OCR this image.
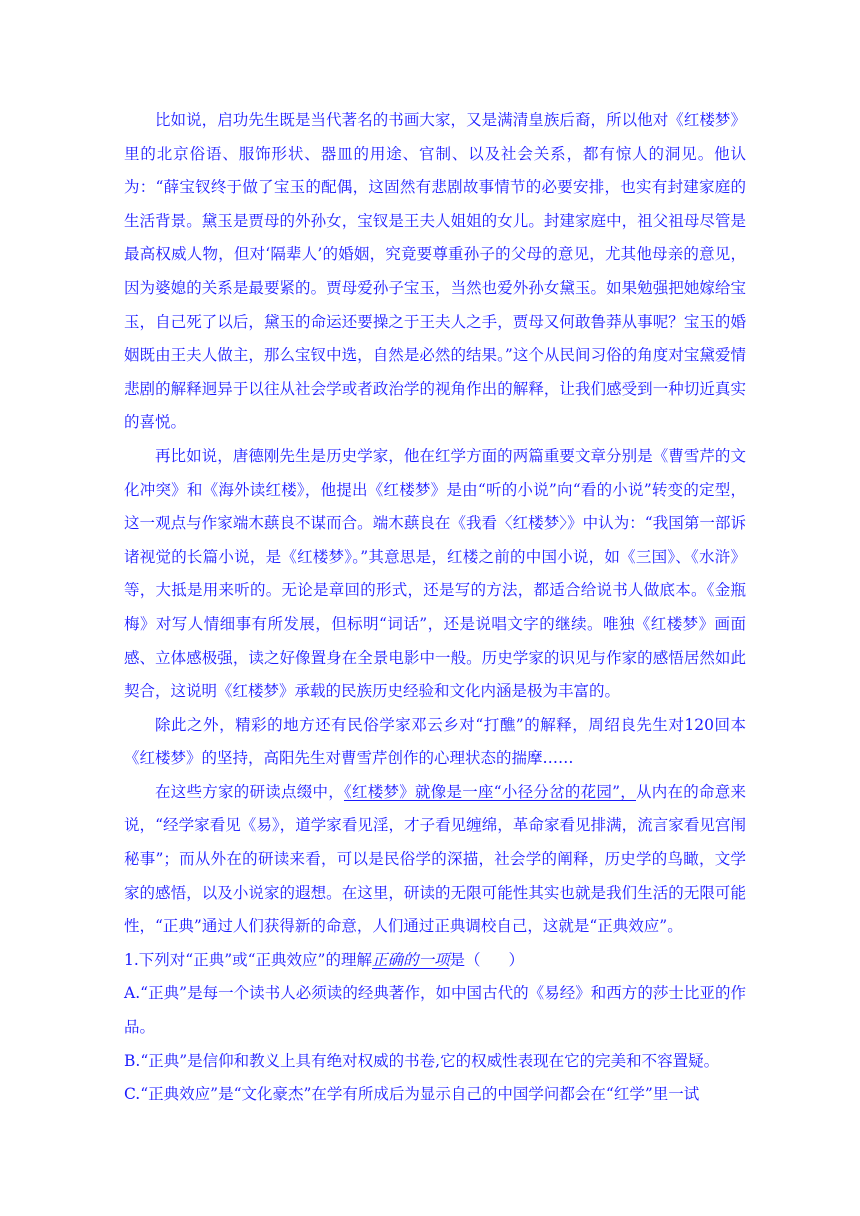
比如说，启功先生既是当代著名的书画大家，又是满清皇族后裔，所以他对《红楼梦》里的北京俗语、服饰形状、器皿的用途、官制、以及社会关系，都有惊人的洞见。他认为：“薛宝钗终于做了宝玉的配偶，这固然有悲剧故事情节的必要安排，也实有封建家庭的生活背景。黛玉是贾母的外孙女，宝钗是王夫人姐姐的女儿。封建家庭中，祖父祖母尽管是最高权威人物，但对‘隔辈人’的婚姻，究竟要尊重孙子的父母的意见，尤其他母亲的意见，因为婆媳的关系是最要紧的。贾母爱孙子宝玉，当然也爱外孙女黛玉。如果勉强把她嫁给宝玉，自己死了以后，黛玉的命运还要操之于王夫人之手，贾母又何敢鲁莽从事呢？宝玉的婚姻既由王夫人做主，那么宝钗中选，自然是必然的结果。”这个从民间习俗的角度对宝黛爱情悲剧的解释迥异于以往从社会学或者政治学的视角作出的解释，让我们感受到一种切近真实的喜悦。

再比如说，唐德刚先生是历史学家，他在红学方面的两篇重要文章分别是《曹雪芹的文化冲突》和《海外读红楼》，他提出《红楼梦》是由“听的小说”向“看的小说”转变的定型，这一观点与作家端木蕻良不谋而合。端木蕻良在《我看〈红楼梦〉》中认为：“我国第一部诉诸视觉的长篇小说，是《红楼梦》。”其意思是，红楼之前的中国小说，如《三国》、《水浒》等，大抵是用来听的。无论是章回的形式，还是写的方法，都适合给说书人做底本。《金瓶梅》对写人情细事有所发展，但标明“词话”，还是说唱文字的继续。唯独《红楼梦》画面感、立体感极强，读之好像置身在全景电影中一般。历史学家的识见与作家的感悟居然如此契合，这说明《红楼梦》承载的民族历史经验和文化内涵是极为丰富的。

除此之外，精彩的地方还有民俗学家邓云乡对“打醮”的解释，周绍良先生对120回本《红楼梦》的坚持，高阳先生对曹雪芹创作的心理状态的揣摩……

在这些方家的研读点缀中，《红楼梦》就像是一座“小径分岔的花园”，从内在的命意来说，“经学家看见《易》，道学家看见淫，才子看见缠绵，革命家看见排满，流言家看见宫闱秘事”；而从外在的研读来看，可以是民俗学的深描，社会学的阐释，历史学的鸟瞰，文学家的感悟，以及小说家的遐想。在这里，研读的无限可能性其实也就是我们生活的无限可能性，“正典”通过人们获得新的命意，人们通过正典调校自己，这就是“正典效应”。

1.下列对“正典”或“正典效应”的理解正确的一项是（ ）

A.“正典”是每一个读书人必须读的经典著作，如中国古代的《易经》和西方的莎士比亚的作 品。

B.“正典”是信仰和教义上具有绝对权威的书卷,它的权威性表现在它的完美和不容置疑。

C.“正典效应”是“文化豪杰”在学有所成后为显示自己的中国学问都会在“红学”里一试
